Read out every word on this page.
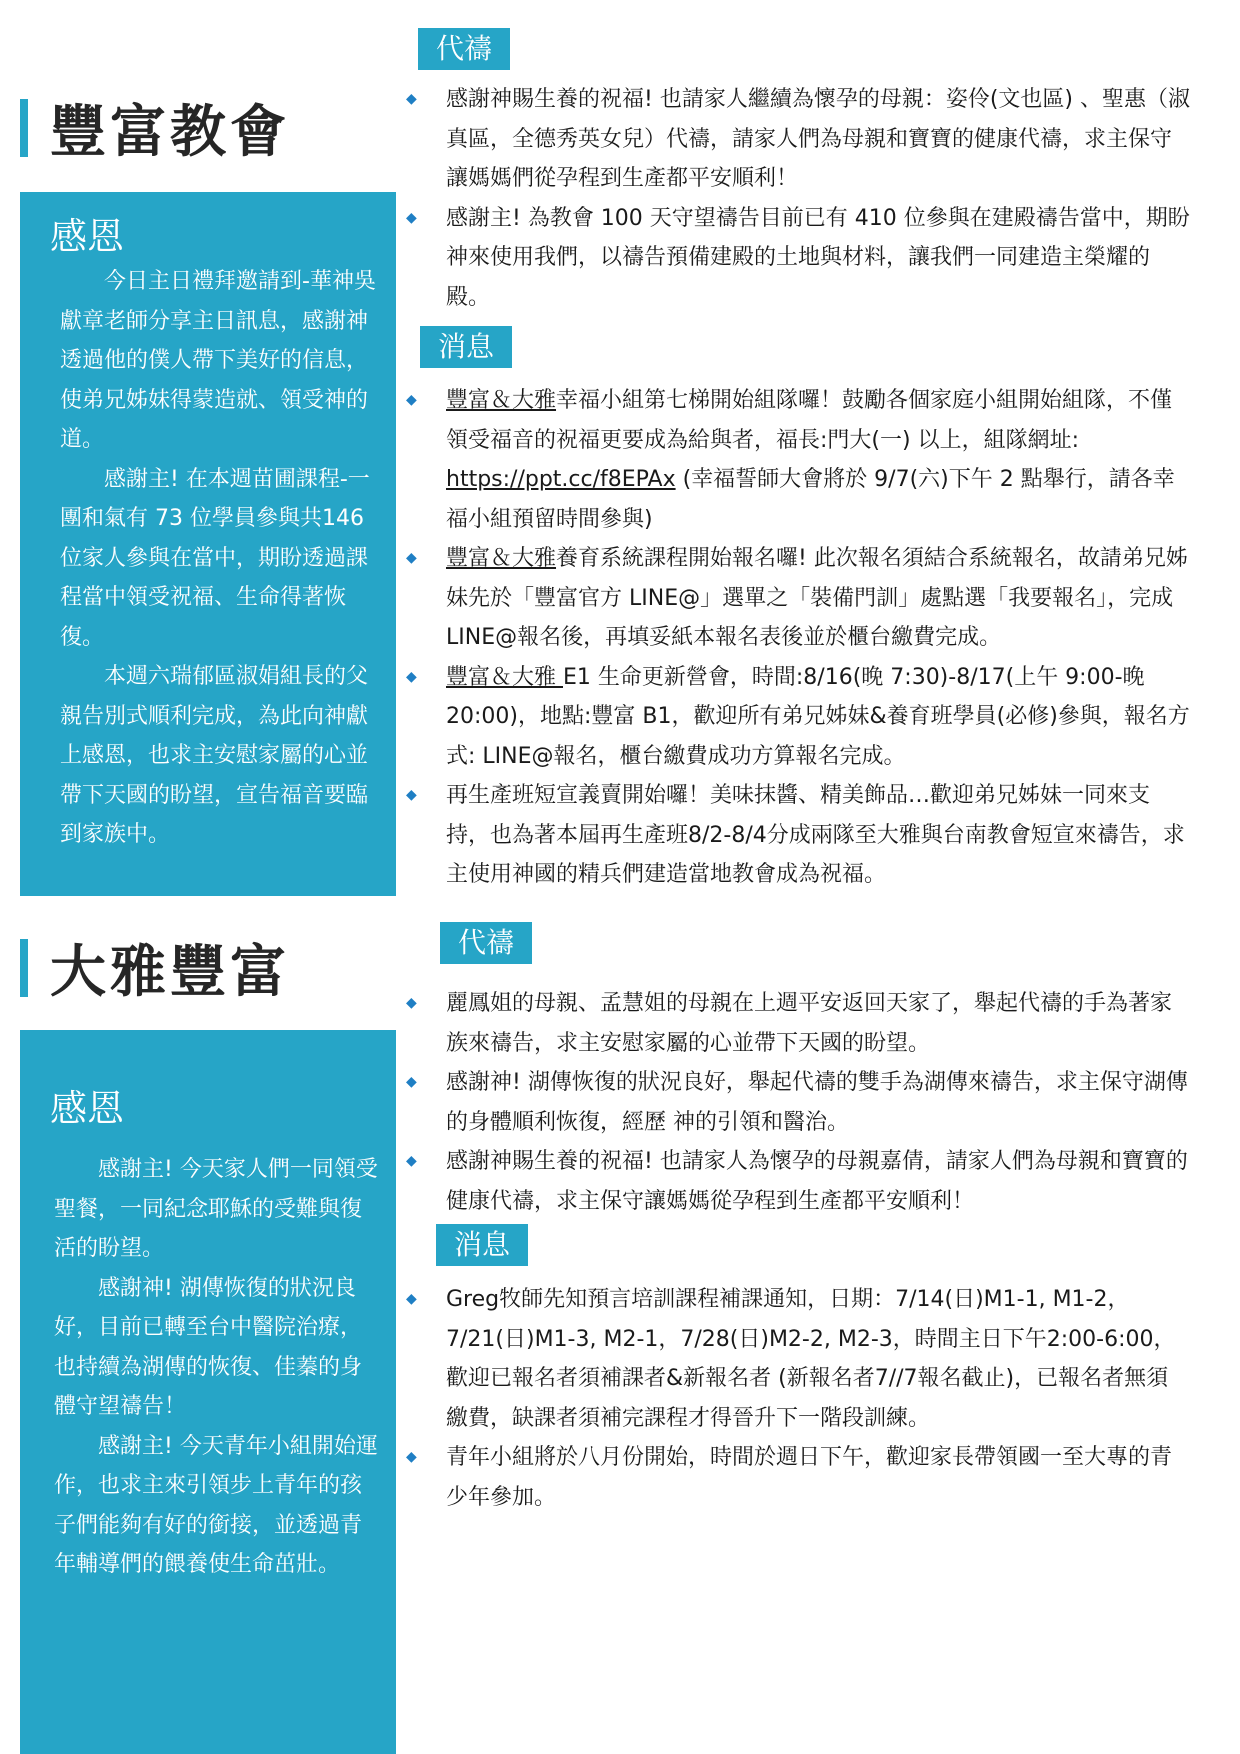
豐富教會
感恩

今日主日禮拜邀請到-華神吳獻章老師分享主日訊息，感謝神透過他的僕人帶下美好的信息，使弟兄姊妹得蒙造就、領受神的道。

感謝主! 在本週苗圃課程-一團和氣有 73 位學員參與共146 位家人參與在當中，期盼透過課程當中領受祝福、生命得著恢復。

本週六瑞郁區淑娟組長的父親告別式順利完成，為此向神獻上感恩，也求主安慰家屬的心並帶下天國的盼望，宣告福音要臨到家族中。

代禱
◆ 感謝神賜生養的祝福! 也請家人繼續為懷孕的母親：姿伶(文也區) 、聖惠（淑真區，全德秀英女兒）代禱，請家人們為母親和寶寶的健康代禱，求主保守讓媽媽們從孕程到生產都平安順利！
◆ 感謝主! 為教會 100 天守望禱告目前已有 410 位參與在建殿禱告當中，期盼神來使用我們，以禱告預備建殿的土地與材料，讓我們一同建造主榮耀的殿。
消息
◆ 豐富＆大雅幸福小組第七梯開始組隊囉！鼓勵各個家庭小組開始組隊，不僅領受福音的祝福更要成為給與者，福長:門大(一) 以上，組隊網址: https://ppt.cc/f8EPAx (幸福誓師大會將於 9/7(六)下午 2 點舉行，請各幸福小組預留時間參與)
◆ 豐富＆大雅養育系統課程開始報名囉! 此次報名須結合系統報名，故請弟兄姊妹先於「豐富官方 LINE@」選單之「裝備門訓」處點選「我要報名」，完成 LINE@報名後，再填妥紙本報名表後並於櫃台繳費完成。
◆ 豐富＆大雅 E1 生命更新營會，時間:8/16(晚 7:30)-8/17(上午 9:00-晚 20:00)，地點:豐富 B1，歡迎所有弟兄姊妹&養育班學員(必修)參與，報名方式: LINE@報名，櫃台繳費成功方算報名完成。
◆ 再生產班短宣義賣開始囉！美味抹醬、精美飾品…歡迎弟兄姊妹一同來支持，也為著本屆再生產班8/2-8/4分成兩隊至大雅與台南教會短宣來禱告，求主使用神國的精兵們建造當地教會成為祝福。
大雅豐富
感恩

感謝主! 今天家人們一同領受聖餐，一同紀念耶穌的受難與復活的盼望。

感謝神! 湖傳恢復的狀況良好，目前已轉至台中醫院治療，也持續為湖傳的恢復、佳蓁的身體守望禱告！

感謝主! 今天青年小組開始運作，也求主來引領步上青年的孩子們能夠有好的銜接，並透過青年輔導們的餵養使生命茁壯。

代禱
◆ 麗鳳姐的母親、孟慧姐的母親在上週平安返回天家了，舉起代禱的手為著家族來禱告，求主安慰家屬的心並帶下天國的盼望。
◆ 感謝神! 湖傳恢復的狀況良好，舉起代禱的雙手為湖傳來禱告，求主保守湖傳的身體順利恢復，經歷 神的引領和醫治。
◆ 感謝神賜生養的祝福! 也請家人為懷孕的母親嘉倩，請家人們為母親和寶寶的健康代禱，求主保守讓媽媽從孕程到生產都平安順利！
消息
◆ Greg牧師先知預言培訓課程補課通知，日期：7/14(日)M1-1, M1-2，7/21(日)M1-3, M2-1，7/28(日)M2-2, M2-3，時間主日下午2:00-6:00，歡迎已報名者須補課者&新報名者 (新報名者7//7報名截止)，已報名者無須繳費，缺課者須補完課程才得晉升下一階段訓練。
◆ 青年小組將於八月份開始，時間於週日下午，歡迎家長帶領國一至大專的青少年參加。
